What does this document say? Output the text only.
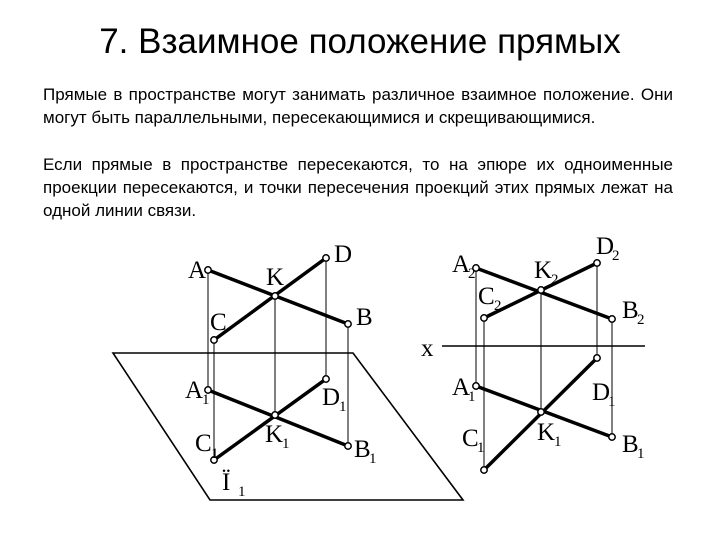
7. Взаимное положение прямых

Прямые в пространстве могут занимать различное взаимное положение. Они могут быть параллельными, пересекающимися и скрещивающимися.

Если прямые в пространстве пересекаются, то на эпюре их одноименные проекции пересекаются, и точки пересечения проекций этих прямых лежат на одной линии связи.

A K
D
C	B
A
1	D
1
K
1
C 1	B
1
Ï 1
A
2 K
2
D
2
C 2	B
2
x
A
1	D
1
C
1
K
1 B
1
